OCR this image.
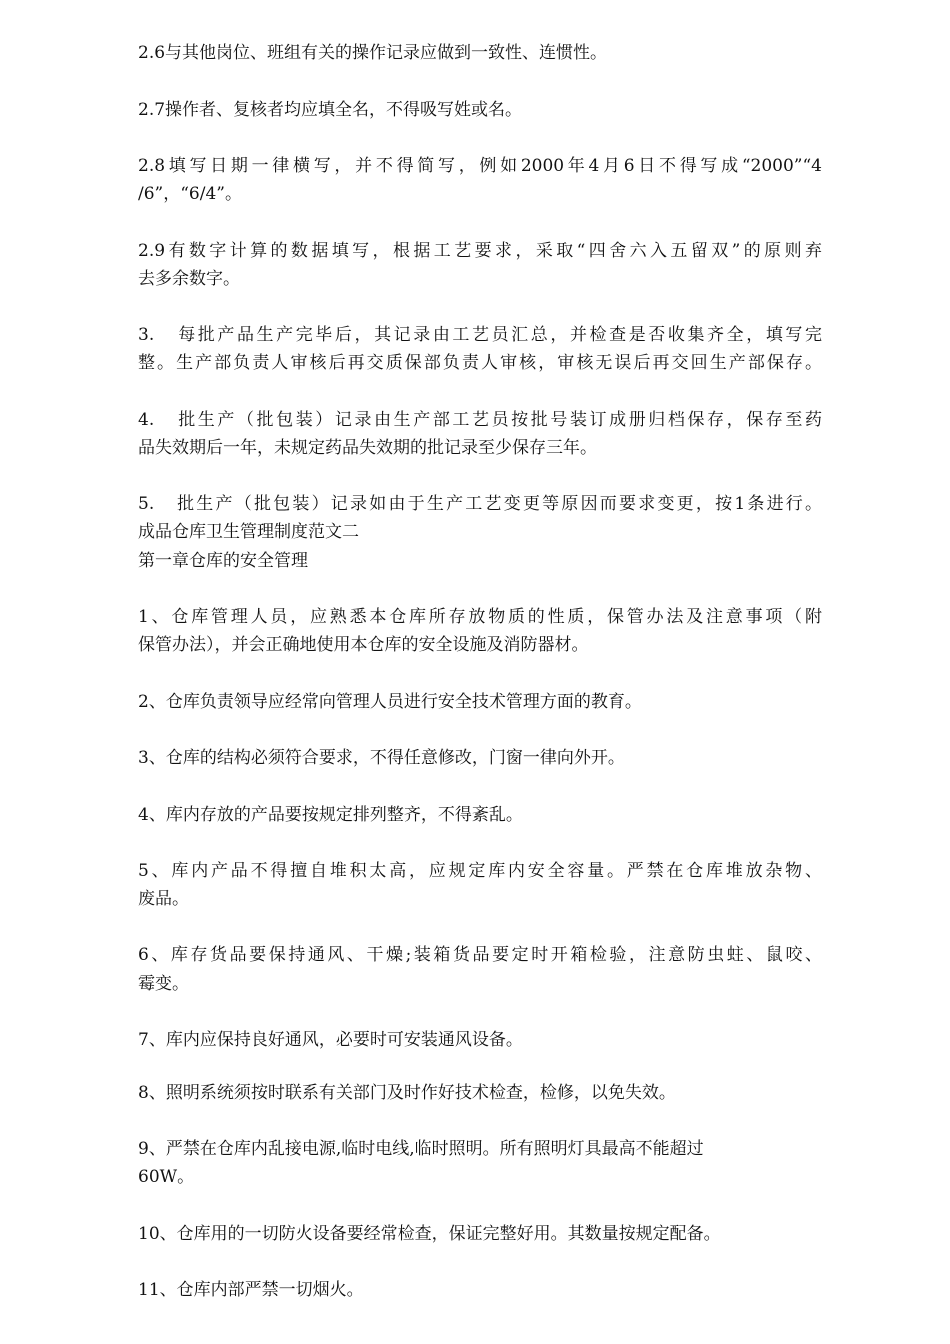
2.6与其他岗位、班组有关的操作记录应做到一致性、连惯性。
2.7操作者、复核者均应填全名，不得吸写姓或名。
2.8填写日期一律横写，并不得简写，例如2000年4月6日不得写成“2000”“4
/6”，“6/4”。
2.9有数字计算的数据填写，根据工艺要求，采取“四舍六入五留双”的原则弃
去多余数字。
3.   每批产品生产完毕后，其记录由工艺员汇总，并检查是否收集齐全，填写完
整。生产部负责人审核后再交质保部负责人审核，审核无误后再交回生产部保存。
4.   批生产（批包装）记录由生产部工艺员按批号装订成册归档保存，保存至药
品失效期后一年，未规定药品失效期的批记录至少保存三年。
5.   批生产（批包装）记录如由于生产工艺变更等原因而要求变更，按1条进行。
成品仓库卫生管理制度范文二
第一章仓库的安全管理
1、仓库管理人员，应熟悉本仓库所存放物质的性质，保管办法及注意事项（附
保管办法），并会正确地使用本仓库的安全设施及消防器材。
2、仓库负责领导应经常向管理人员进行安全技术管理方面的教育。
3、仓库的结构必须符合要求，不得任意修改，门窗一律向外开。
4、库内存放的产品要按规定排列整齐，不得紊乱。
5、库内产品不得擅自堆积太高，应规定库内安全容量。严禁在仓库堆放杂物、
废品。
6、库存货品要保持通风、干燥;装箱货品要定时开箱检验，注意防虫蛀、鼠咬、
霉变。
7、库内应保持良好通风，必要时可安装通风设备。
8、照明系统须按时联系有关部门及时作好技术检查，检修，以免失效。
9、严禁在仓库内乱接电源,临时电线,临时照明。所有照明灯具最高不能超过
60W。
10、仓库用的一切防火设备要经常检查，保证完整好用。其数量按规定配备。
11、仓库内部严禁一切烟火。
